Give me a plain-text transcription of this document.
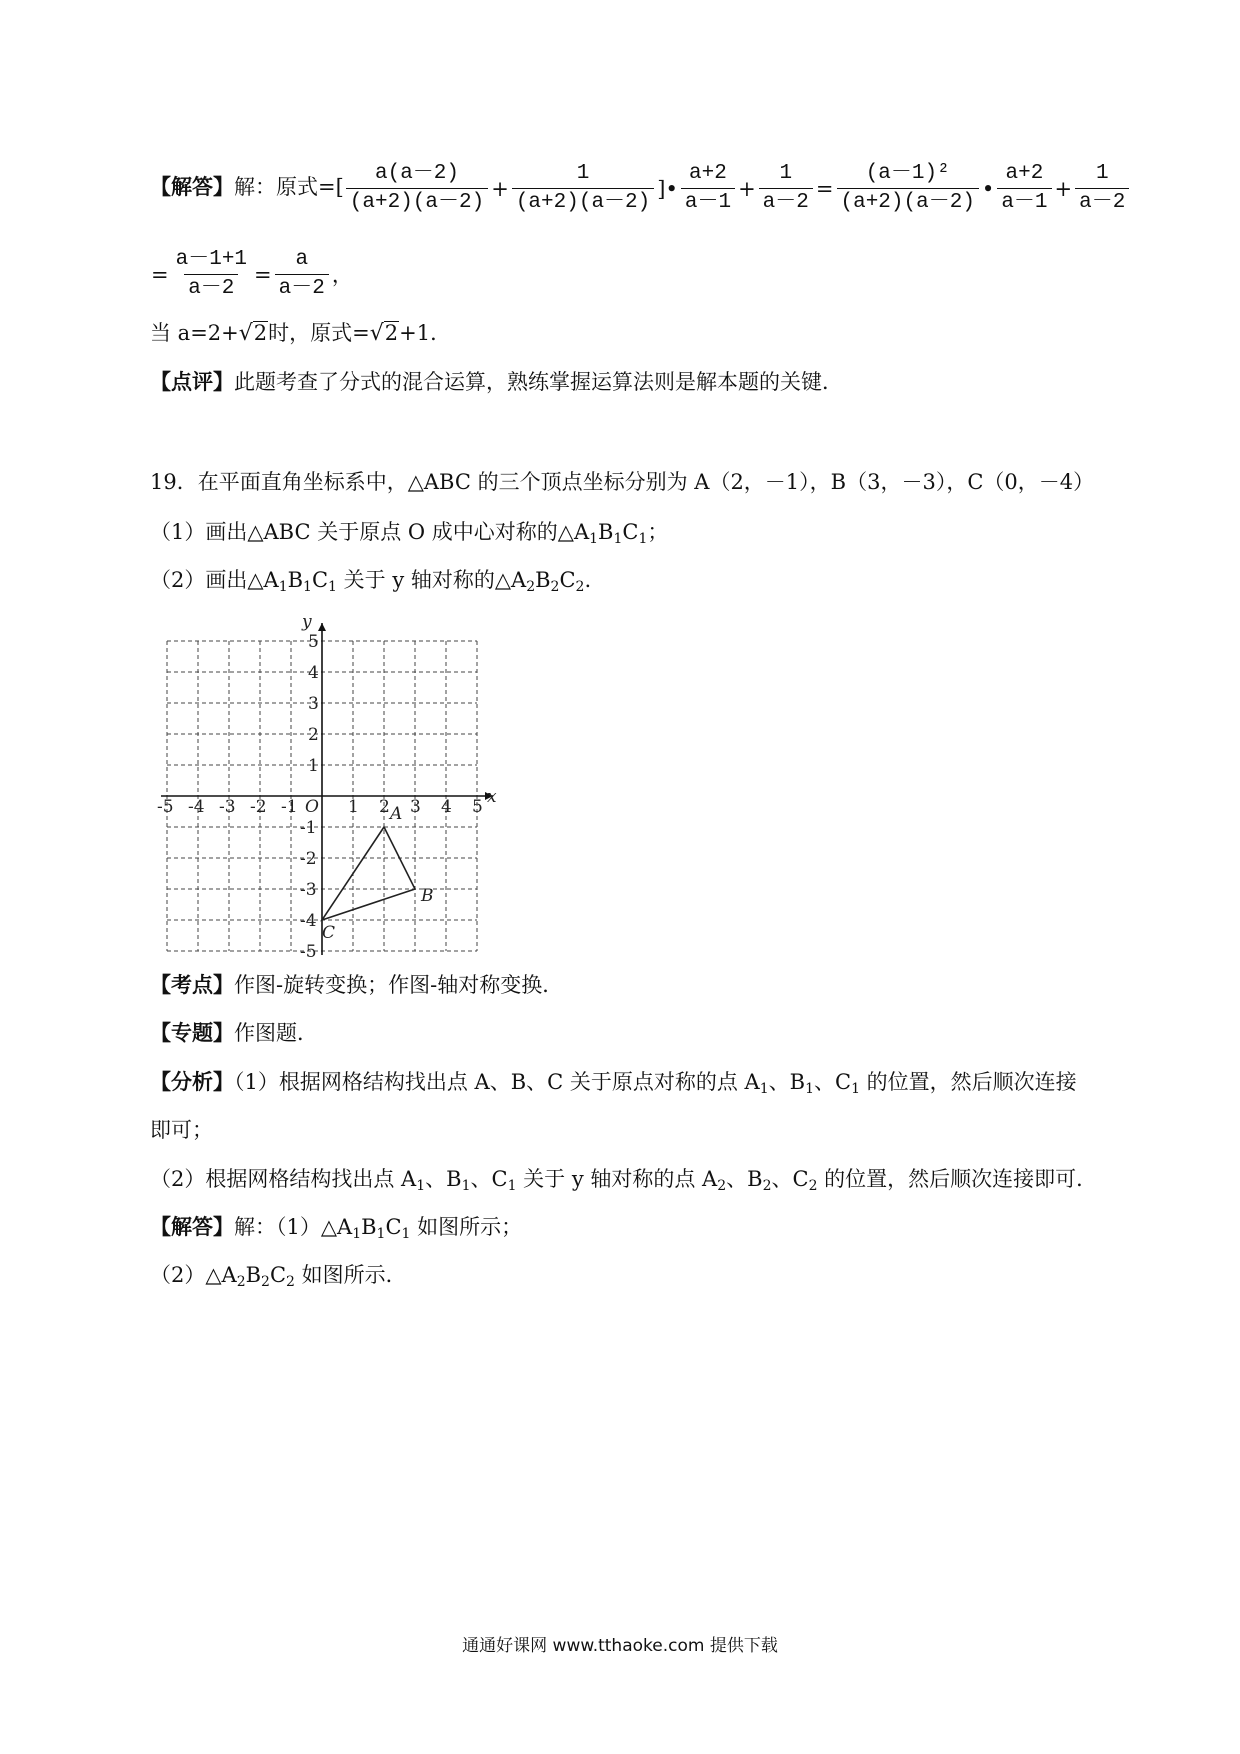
【解答】解：原式=[ $\frac{a(a-2)}{(a+2)(a-2)} + \frac{1}{(a+2)(a-2)}$ ]• $\frac{a+2}{a-1} + \frac{1}{a-2} = \frac{\text{(a－1)²}}{(a+2)(a-2)}$ • $\frac{a+2}{a-1} + \frac{1}{a-2}$
= $\frac{a-1+1}{a-2} = \frac{a}{a-2}$ ，
当 a=2+√2时，原式=√2+1．
【点评】此题考查了分式的混合运算，熟练掌握运算法则是解本题的关键．
19．在平面直角坐标系中，△ABC 的三个顶点坐标分别为 A（2，－1），B（3，－3），C（0，－4）
（1）画出△ABC 关于原点 O 成中心对称的$\triangle A_1B_1C_1$；
（2）画出$\triangle A_1B_1C_1$ 关于 y 轴对称的$\triangle A_2B_2C_2$.
x
y
O
-5 -4 -3 -2 -1	1 2 3 4 5
5
4
3
2
1
-1
-2
-3
-4
-5
A
B
C
【考点】作图-旋转变换；作图-轴对称变换．
【专题】作图题．
【分析】（1）根据网格结构找出点 A、B、C 关于原点对称的点 $A_1$、$B_1$、$C_1$ 的位置，然后顺次连接
即可；
（2）根据网格结构找出点 $A_1$、$B_1$、$C_1$ 关于 y 轴对称的点 $A_2$、$B_2$、$C_2$ 的位置，然后顺次连接即可．
【解答】解：$(1)\triangle A_1B_1C_1$ 如图所示；
$(2)\triangle A_2B_2C_2$ 如图所示．
通通好课网 www.tthaoke.com 提供下载
